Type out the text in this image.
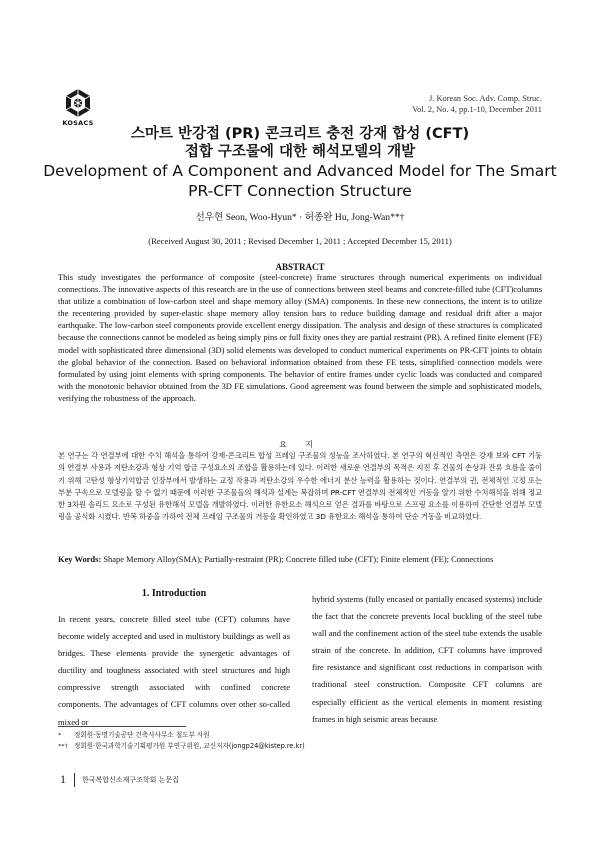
KOSACS
J. Korean Soc. Adv. Comp. Struc.
Vol. 2, No. 4, pp.1-10, December 2011
스마트 반강접 (PR) 콘크리트 충전 강재 합성 (CFT)
접합 구조물에 대한 해석모델의 개발
Development of A Component and Advanced Model for The Smart
PR-CFT Connection Structure
선우현 Seon, Woo-Hyun* · 허종완 Hu, Jong-Wan**†
(Received August 30, 2011 ; Revised December 1, 2011 ; Accepted December 15, 2011)
ABSTRACT
This study investigates the performance of composite (steel-concrete) frame structures through numerical experiments on individual connections. The innovative aspects of this research are in the use of connections between steel beams and concrete-filled tube (CFT)columns that utilize a combination of low-carbon steel and shape memory alloy (SMA) components. In these new connections, the intent is to utilize the recentering provided by super-elastic shape memory alloy tension bars to reduce building damage and residual drift after a major earthquake. The low-carbon steel components provide excellent energy dissipation. The analysis and design of these structures is complicated because the connections cannot be modeled as being simply pins or full fixity ones they are partial restraint (PR). A refined finite element (FE) model with sophisticated three dimensional (3D) solid elements was developed to conduct numerical experiments on PR-CFT joints to obtain the global behavior of the connection. Based on behavioral information obtained from these FE tests, simplified connection models were formulated by using joint elements with spring components. The behavior of entire frames under cyclic loads was conducted and compared with the monotonic behavior obtained from the 3D FE simulations. Good agreement was found between the simple and sophisticated models, verifying the robustness of the approach.
요 지
본 연구는 각 연결부에 대한 수치 해석을 통하여 강재-콘크리트 합성 프레임 구조물의 성능을 조사하였다. 본 연구의 혁신적인 측면은 강재 보와 CFT 기둥의 연결부 사용과 저탄소강과 형상 기억 합금 구성요소의 조합을 활용하는데 있다. 이러한 새로운 연결부의 목적은 지진 후 건물의 손상과 잔류 흐름을 줄이기 위해 고탄성 형상기억합금 인장부에서 발생하는 교정 작용과 저탄소강의 우수한 에너지 분산 능력을 활용하는 것이다. 연결부의 귄, 전체적인 고정 또는 부분 구속으로 모델링을 할 수 없기 때문에 이러한 구조물들의 해석과 설계는 복잡하며 PR-CFT 연결부의 전체적인 거동을 알기 위한 수치해석을 위해 정교한 3차원 솔리드 요소로 구성된 유한해석 모델을 개발하였다. 이러한 유한요소 해석으로 얻은 결과를 바탕으로 스프링 요소를 이용하여 간단한 연결부 모델링을 공식화 시켰다. 반복 하중을 가하여 전체 프레임 구조물의 거동을 확인하였고 3D 유한요소 해석을 통하여 단순 거동을 비교하였다.
Key Words: Shape Memory Alloy(SMA); Partially-restraint (PR); Concrete filled tube (CFT); Finite element (FE); Connections
1. Introduction
In recent years, concrete filled steel tube (CFT) columns have become widely accepted and used in multistory buildings as well as bridges. These elements provide the synergetic advantages of ductility and toughness associated with steel structures and high compressive strength associated with confined concrete components. The advantages of CFT columns over other so-called mixed or
hybrid systems (fully encased or partially encased systems) include the fact that the concrete prevents local buckling of the steel tube wall and the confinement action of the steel tube extends the usable strain of the concrete. In addition, CFT columns have improved fire resistance and significant cost reductions in comparison with traditional steel construction. Composite CFT columns are especially efficient as the vertical elements in moment resisting frames in high seismic areas because
* 정회원·동명기술공단 건축사사무소 철도부 사원
**† 정회원·한국과학기술기획평가원 부연구위원, 교신저자(jongp24@kistep.re.kr)
1 한국복합신소재구조학회 논문집
